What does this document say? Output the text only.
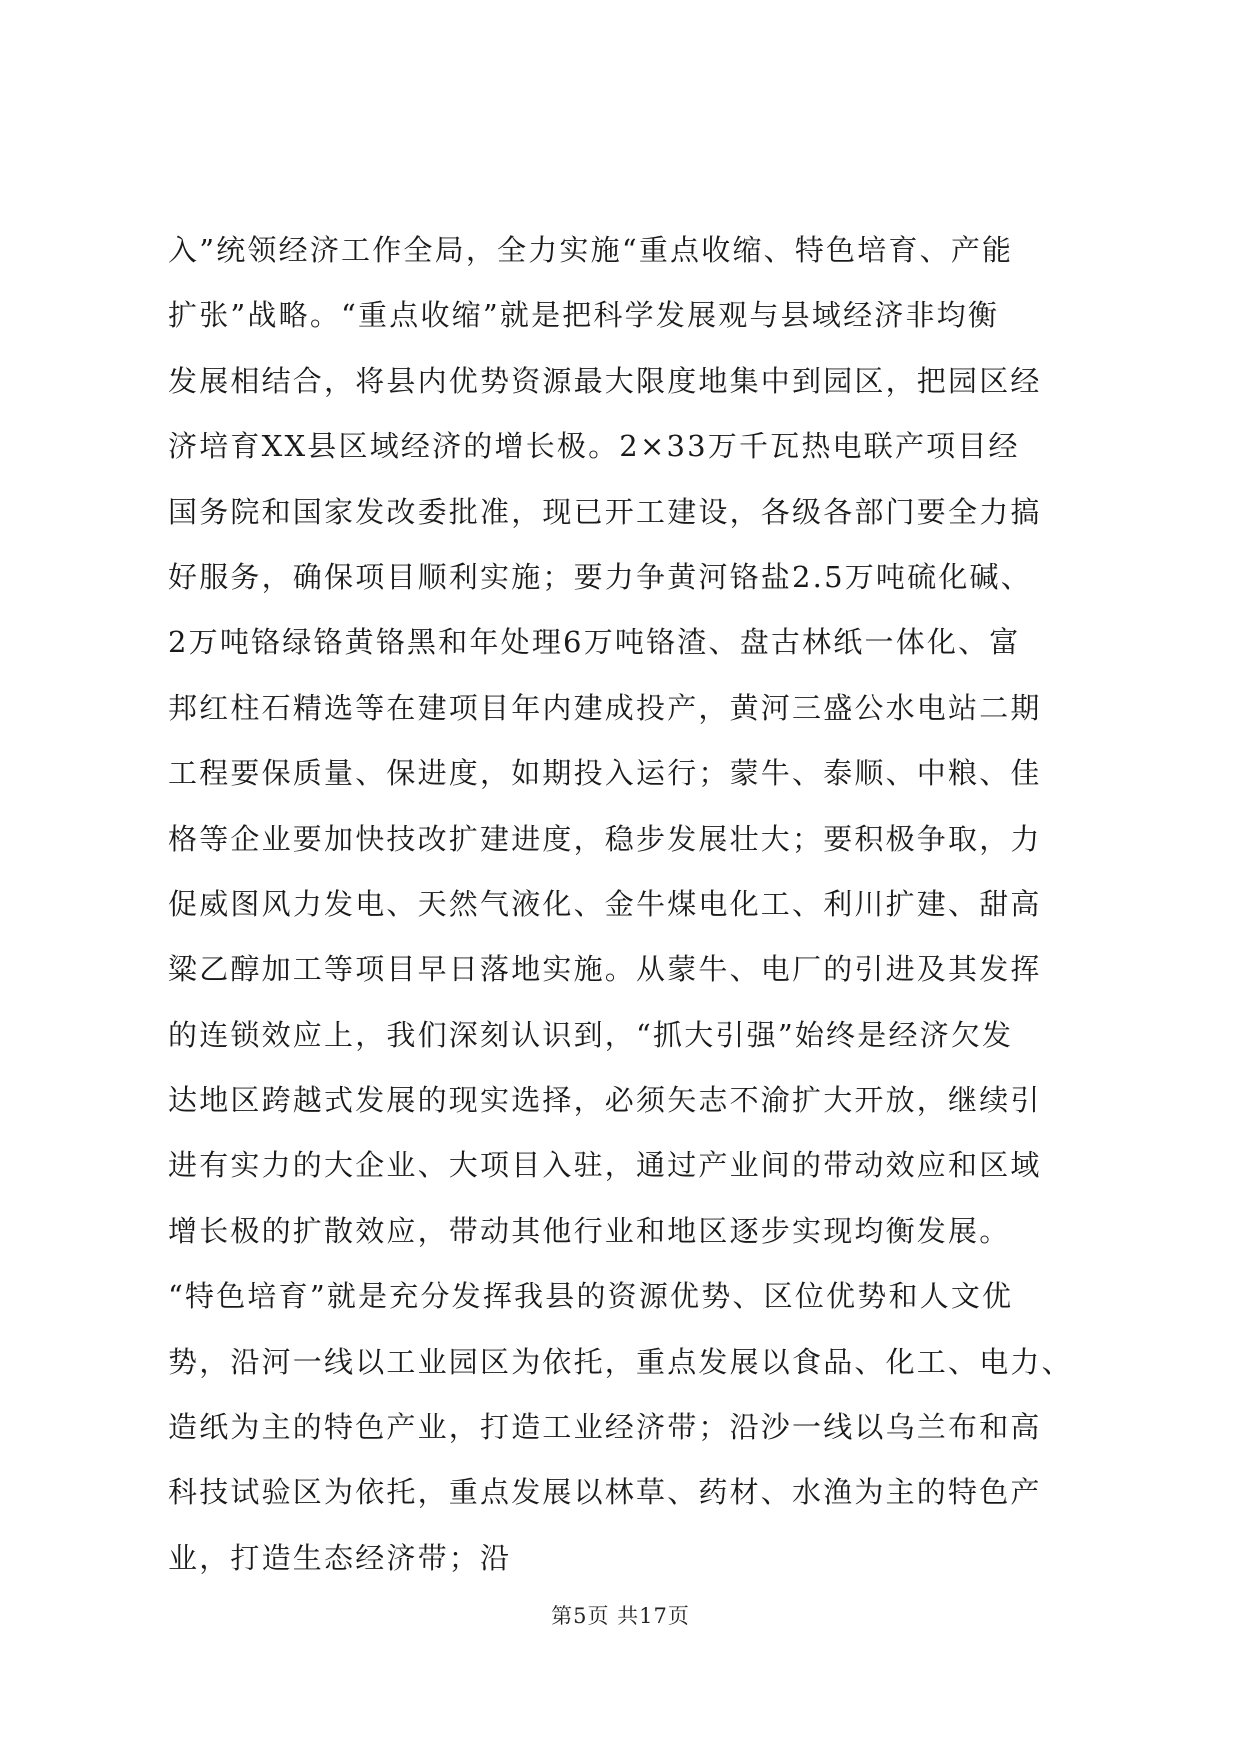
入”统领经济工作全局，全力实施“重点收缩、特色培育、产能
扩张”战略。“重点收缩”就是把科学发展观与县域经济非均衡
发展相结合，将县内优势资源最大限度地集中到园区，把园区经
济培育XX县区域经济的增长极。2×33万千瓦热电联产项目经
国务院和国家发改委批准，现已开工建设，各级各部门要全力搞
好服务，确保项目顺利实施；要力争黄河铬盐2.5万吨硫化碱、
2万吨铬绿铬黄铬黑和年处理6万吨铬渣、盘古林纸一体化、富
邦红柱石精选等在建项目年内建成投产，黄河三盛公水电站二期
工程要保质量、保进度，如期投入运行；蒙牛、泰顺、中粮、佳
格等企业要加快技改扩建进度，稳步发展壮大；要积极争取，力
促威图风力发电、天然气液化、金牛煤电化工、利川扩建、甜高
粱乙醇加工等项目早日落地实施。从蒙牛、电厂的引进及其发挥
的连锁效应上，我们深刻认识到，“抓大引强”始终是经济欠发
达地区跨越式发展的现实选择，必须矢志不渝扩大开放，继续引
进有实力的大企业、大项目入驻，通过产业间的带动效应和区域
增长极的扩散效应，带动其他行业和地区逐步实现均衡发展。
“特色培育”就是充分发挥我县的资源优势、区位优势和人文优
势，沿河一线以工业园区为依托，重点发展以食品、化工、电力、
造纸为主的特色产业，打造工业经济带；沿沙一线以乌兰布和高
科技试验区为依托，重点发展以林草、药材、水渔为主的特色产
业，打造生态经济带；沿
第5页 共17页
